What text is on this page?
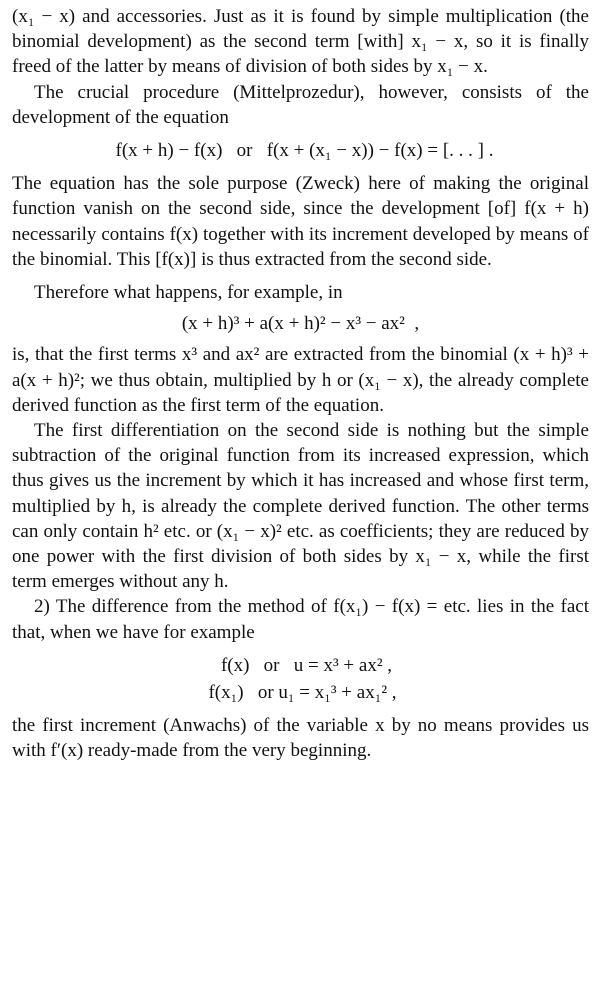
(x₁ − x) and accessories. Just as it is found by simple multiplication (the binomial development) as the second term [with] x₁ − x, so it is finally freed of the latter by means of division of both sides by x₁ − x.

The crucial procedure (Mittelprozedur), however, consists of the development of the equation

f(x + h) − f(x)   or   f(x + (x₁ − x)) − f(x) = [. . . ] .

The equation has the sole purpose (Zweck) here of making the original function vanish on the second side, since the development [of] f(x + h) necessarily contains f(x) together with its increment developed by means of the binomial. This [f(x)] is thus extracted from the second side.

Therefore what happens, for example, in

(x + h)³ + a(x + h)² − x³ − ax²  ,

is, that the first terms x³ and ax² are extracted from the binomial (x + h)³ + a(x + h)²; we thus obtain, multiplied by h or (x₁ − x), the already complete derived function as the first term of the equation.

The first differentiation on the second side is nothing but the simple subtraction of the original function from its increased expression, which thus gives us the increment by which it has increased and whose first term, multiplied by h, is already the complete derived function. The other terms can only contain h² etc. or (x₁ − x)² etc. as coefficients; they are reduced by one power with the first division of both sides by x₁ − x, while the first term emerges without any h.

2) The difference from the method of f(x₁) − f(x) = etc. lies in the fact that, when we have for example

f(x)   or   u = x³ + ax² ,

f(x₁)   or u₁ = x₁³ + ax₁² ,

the first increment (Anwachs) of the variable x by no means provides us with f′(x) ready-made from the very beginning.
